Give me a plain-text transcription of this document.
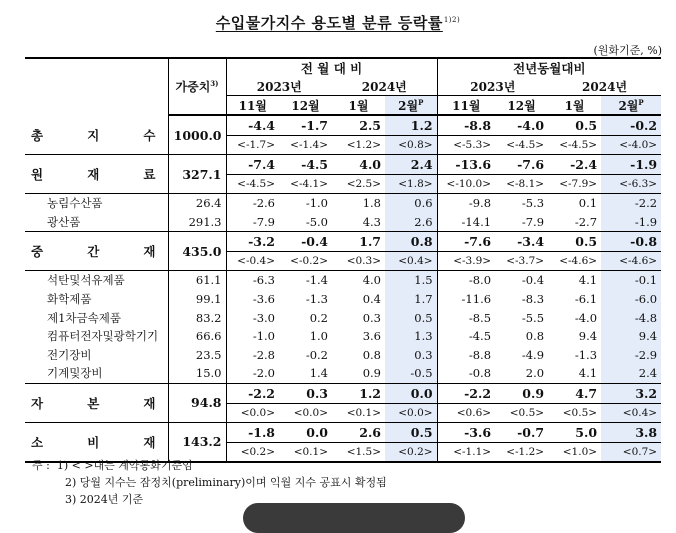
수입물가지수 용도별 분류 등락률$^{1)2)}$
(원화기준, %)
	가중치$^{3)}$	전 월 대 비				전년동월대비			
		2023년		2024년		2023년		2024년	
		11월	12월	1월	2월$^P$	11월	12월	1월	2월$^P$
총 지 수	1000.0	-4.4	-1.7	2.5	1.2	-8.8	-4.0	0.5	-0.2
		<-1.7>	<-1.4>	<1.2>	<0.8>	<-5.3>	<-4.5>	<-4.5>	<-4.0>
원 재 료	327.1	-7.4	-4.5	4.0	2.4	-13.6	-7.6	-2.4	-1.9
		<-4.5>	<-4.1>	<2.5>	<1.8>	<-10.0>	<-8.1>	<-7.9>	<-6.3>
농림수산품	26.4	-2.6	-1.0	1.8	0.6	-9.8	-5.3	0.1	-2.2
광산품	291.3	-7.9	-5.0	4.3	2.6	-14.1	-7.9	-2.7	-1.9
중 간 재	435.0	-3.2	-0.4	1.7	0.8	-7.6	-3.4	0.5	-0.8
		<-0.4>	<-0.2>	<0.3>	<0.4>	<-3.9>	<-3.7>	<-4.6>	<-4.6>
석탄및석유제품	61.1	-6.3	-1.4	4.0	1.5	-8.0	-0.4	4.1	-0.1
화학제품	99.1	-3.6	-1.3	0.4	1.7	-11.6	-8.3	-6.1	-6.0
제1차금속제품	83.2	-3.0	0.2	0.3	0.5	-8.5	-5.5	-4.0	-4.8
컴퓨터전자및광학기기	66.6	-1.0	1.0	3.6	1.3	-4.5	0.8	9.4	9.4
전기장비	23.5	-2.8	-0.2	0.8	0.3	-8.8	-4.9	-1.3	-2.9
기계및장비	15.0	-2.0	1.4	0.9	-0.5	-0.8	2.0	4.1	2.4
자 본 재	94.8	-2.2	0.3	1.2	0.0	-2.2	0.9	4.7	3.2
		<0.0>	<0.0>	<0.1>	<0.0>	<0.6>	<0.5>	<0.5>	<0.4>
소 비 재	143.2	-1.8	0.0	2.6	0.5	-3.6	-0.7	5.0	3.8
		<0.2>	<0.1>	<1.5>	<0.2>	<-1.1>	<-1.2>	<1.0>	<0.7>
주 : 1) < >내는 계약통화기준임
2) 당월 지수는 잠정치(preliminary)이며 익월 지수 공표시 확정됨
3) 2024년 기준
